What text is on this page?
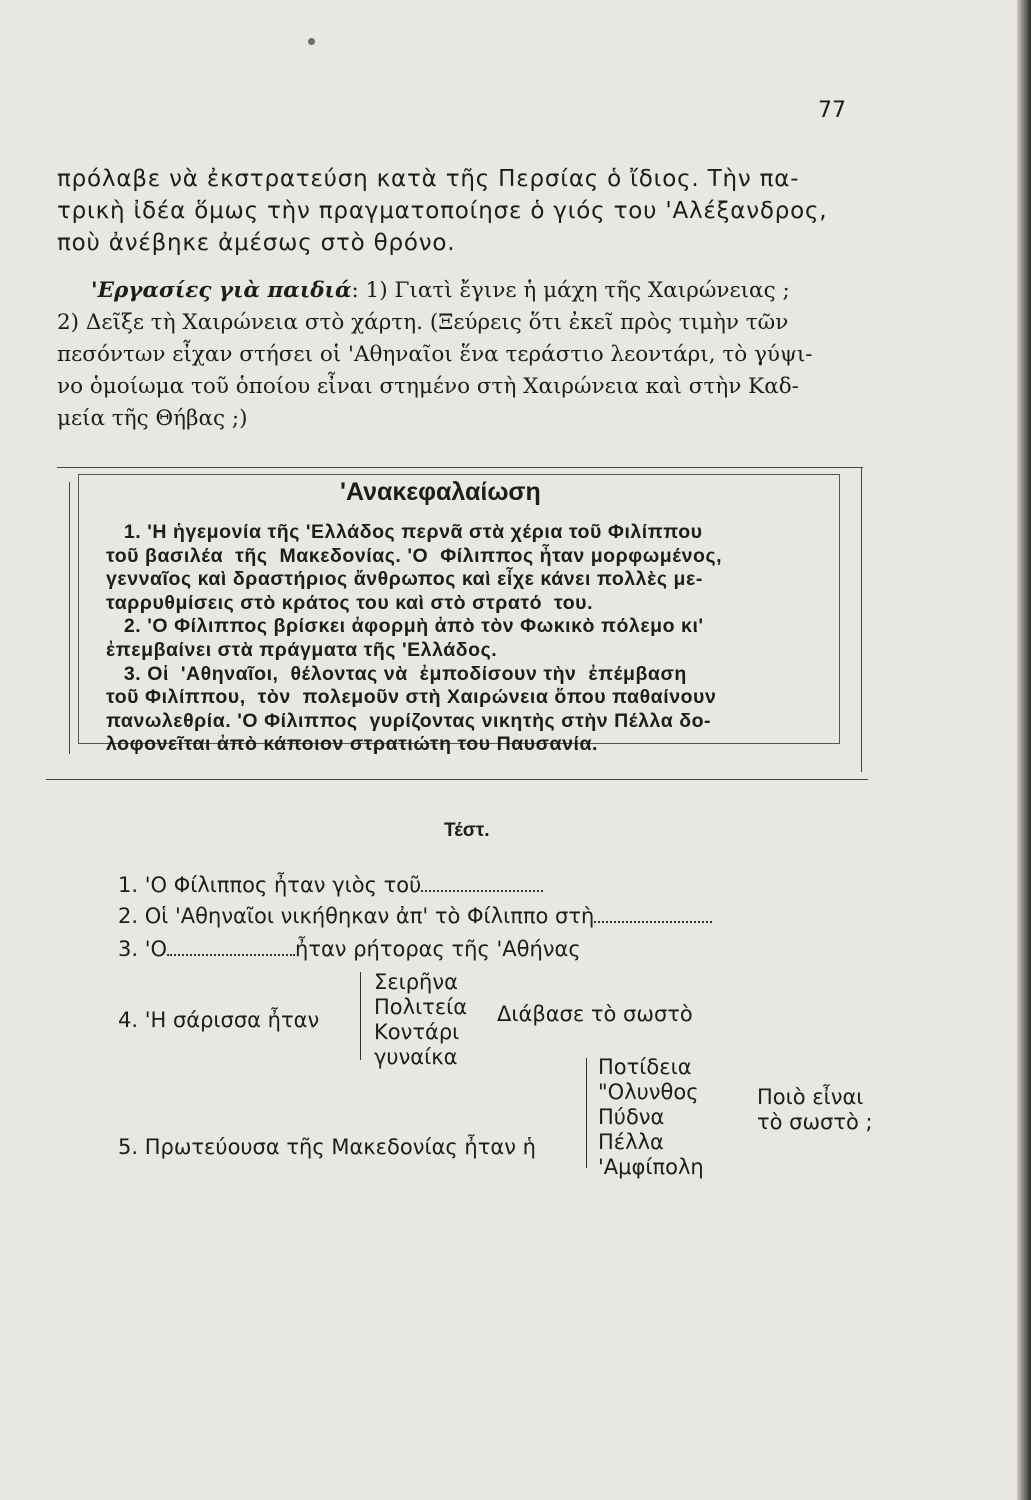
77

πρόλαβε νὰ ἐκστρατεύση κατὰ τῆς Περσίας ὁ ἴδιος. Τὴν πα-
τρικὴ ἰδέα ὅμως τὴν πραγματοποίησε ὁ γιός του 'Αλέξανδρος,
ποὺ ἀνέβηκε ἀμέσως στὸ θρόνο.

'Εργασίες γιὰ παιδιά: 1) Γιατὶ ἔγινε ἡ μάχη τῆς Χαιρώνειας ;
2) Δεῖξε τὴ Χαιρώνεια στὸ χάρτη. (Ξεύρεις ὅτι ἐκεῖ πρὸς τιμὴν τῶν
πεσόντων εἶχαν στήσει οἱ 'Αθηναῖοι ἕνα τεράστιο λεοντάρι, τὸ γύψι-
νο ὁμοίωμα τοῦ ὁποίου εἶναι στημένο στὴ Χαιρώνεια καὶ στὴν Καδ-
μεία τῆς Θήβας ;)

'Ανακεφαλαίωση
1. 'Η ἡγεμονία τῆς 'Ελλάδος περνᾶ στὰ χέρια τοῦ Φιλίππου
τοῦ βασιλέα  τῆς  Μακεδονίας. 'Ο  Φίλιππος ἦταν μορφωμένος,
γενναῖος καὶ δραστήριος ἄνθρωπος καὶ εἶχε κάνει πολλὲς με-
ταρρυθμίσεις στὸ κράτος του καὶ στὸ στρατό  του.
2. 'Ο Φίλιππος βρίσκει ἀφορμὴ ἀπὸ τὸν Φωκικὸ πόλεμο κι'
ἐπεμβαίνει στὰ πράγματα τῆς 'Ελλάδος.
3. Οἱ  'Αθηναῖοι,  θέλοντας νὰ  ἐμποδίσουν τὴν  ἐπέμβαση
τοῦ Φιλίππου,  τὸν  πολεμοῦν στὴ Χαιρώνεια ὅπου παθαίνουν
πανωλεθρία. 'Ο Φίλιππος  γυρίζοντας νικητὴς στὴν Πέλλα δο-
λοφονεῖται ἀπὸ κάποιον στρατιώτη του Παυσανία.
Τέστ.
1. 'Ο Φίλιππος ἦταν γιὸς τοῦ
2. Οἱ 'Αθηναῖοι νικήθηκαν ἀπ' τὸ Φίλιππο στὴ
3. 'Ο	ἦταν ρήτορας τῆς 'Αθήνας
4. 'Η σάρισσα ἦταν
Σειρῆνα
Πολιτεία
Κοντάρι
γυναίκα
Διάβασε τὸ σωστὸ
5. Πρωτεύουσα τῆς Μακεδονίας ἦταν ἡ
Ποτίδεια
"Ολυνθος
Πύδνα
Πέλλα
'Αμφίπολη
Ποιὸ εἶναι
τὸ σωστὸ ;
